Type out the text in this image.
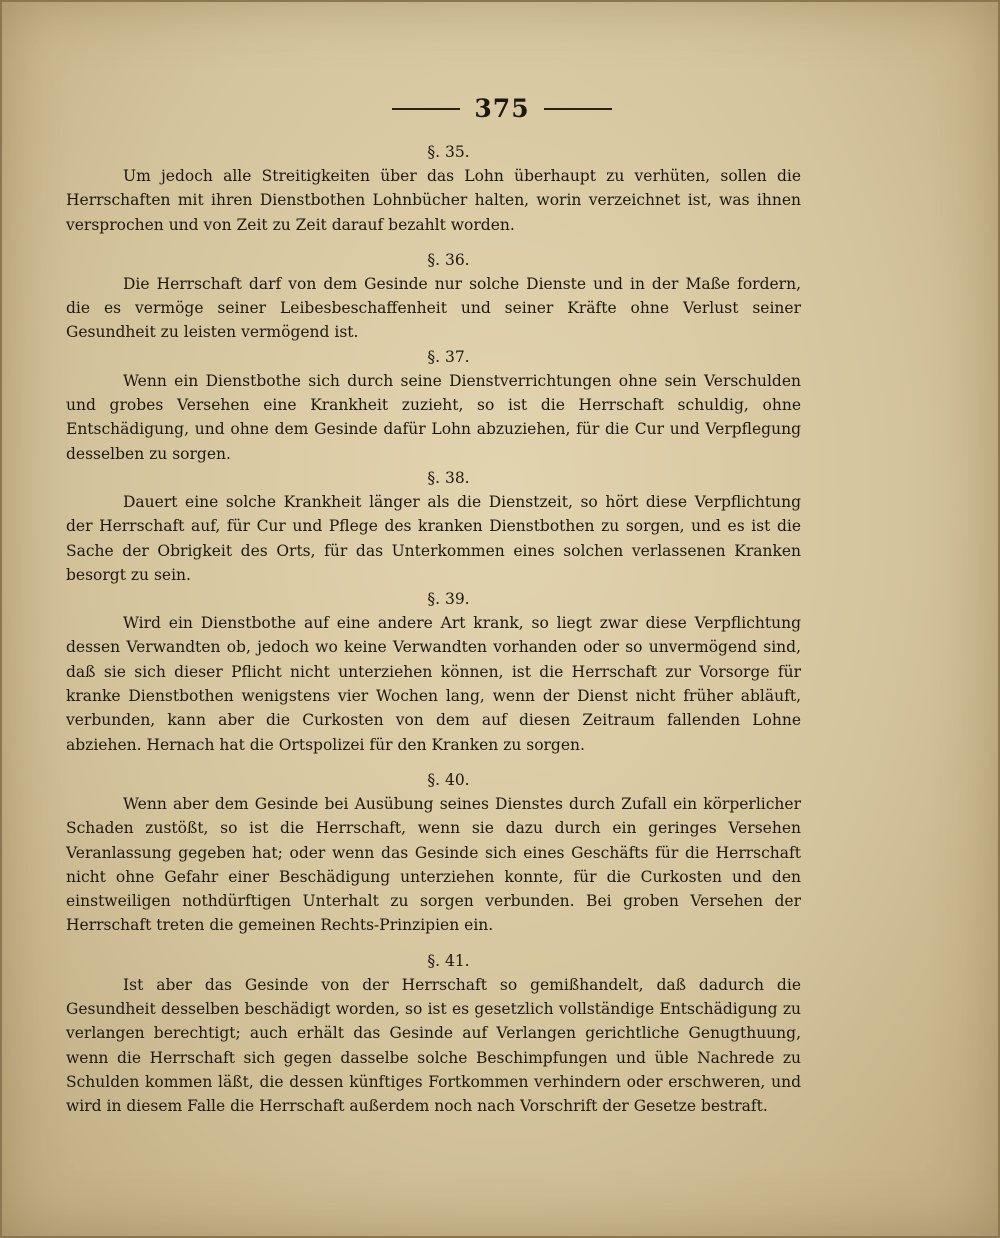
375

§. 35.

Um jedoch alle Streitigkeiten über das Lohn überhaupt zu verhüten, sollen die Herrschaften mit ihren Dienstbothen Lohnbücher halten, worin verzeichnet ist, was ihnen versprochen und von Zeit zu Zeit darauf bezahlt worden.

§. 36.

Die Herrschaft darf von dem Gesinde nur solche Dienste und in der Maße fordern, die es vermöge seiner Leibesbeschaffenheit und seiner Kräfte ohne Verlust seiner Gesundheit zu leisten vermögend ist.

§. 37.

Wenn ein Dienstbothe sich durch seine Dienstverrichtungen ohne sein Verschulden und grobes Versehen eine Krankheit zuzieht, so ist die Herrschaft schuldig, ohne Entschädigung, und ohne dem Gesinde dafür Lohn abzuziehen, für die Cur und Verpflegung desselben zu sorgen.

§. 38.

Dauert eine solche Krankheit länger als die Dienstzeit, so hört diese Verpflichtung der Herrschaft auf, für Cur und Pflege des kranken Dienstbothen zu sorgen, und es ist die Sache der Obrigkeit des Orts, für das Unterkommen eines solchen verlassenen Kranken besorgt zu sein.

§. 39.

Wird ein Dienstbothe auf eine andere Art krank, so liegt zwar diese Verpflichtung dessen Verwandten ob, jedoch wo keine Verwandten vorhanden oder so unvermögend sind, daß sie sich dieser Pflicht nicht unterziehen können, ist die Herrschaft zur Vorsorge für kranke Dienstbothen wenigstens vier Wochen lang, wenn der Dienst nicht früher abläuft, verbunden, kann aber die Curkosten von dem auf diesen Zeitraum fallenden Lohne abziehen. Hernach hat die Ortspolizei für den Kranken zu sorgen.

§. 40.

Wenn aber dem Gesinde bei Ausübung seines Dienstes durch Zufall ein körperlicher Schaden zustößt, so ist die Herrschaft, wenn sie dazu durch ein geringes Versehen Veranlassung gegeben hat; oder wenn das Gesinde sich eines Geschäfts für die Herrschaft nicht ohne Gefahr einer Beschädigung unterziehen konnte, für die Curkosten und den einstweiligen nothdürftigen Unterhalt zu sorgen verbunden. Bei groben Versehen der Herrschaft treten die gemeinen Rechts-Prinzipien ein.

§. 41.

Ist aber das Gesinde von der Herrschaft so gemißhandelt, daß dadurch die Gesundheit desselben beschädigt worden, so ist es gesetzlich vollständige Entschädigung zu verlangen berechtigt; auch erhält das Gesinde auf Verlangen gerichtliche Genugthuung, wenn die Herrschaft sich gegen dasselbe solche Beschimpfungen und üble Nachrede zu Schulden kommen läßt, die dessen künftiges Fortkommen verhindern oder erschweren, und wird in diesem Falle die Herrschaft außerdem noch nach Vorschrift der Gesetze bestraft.
